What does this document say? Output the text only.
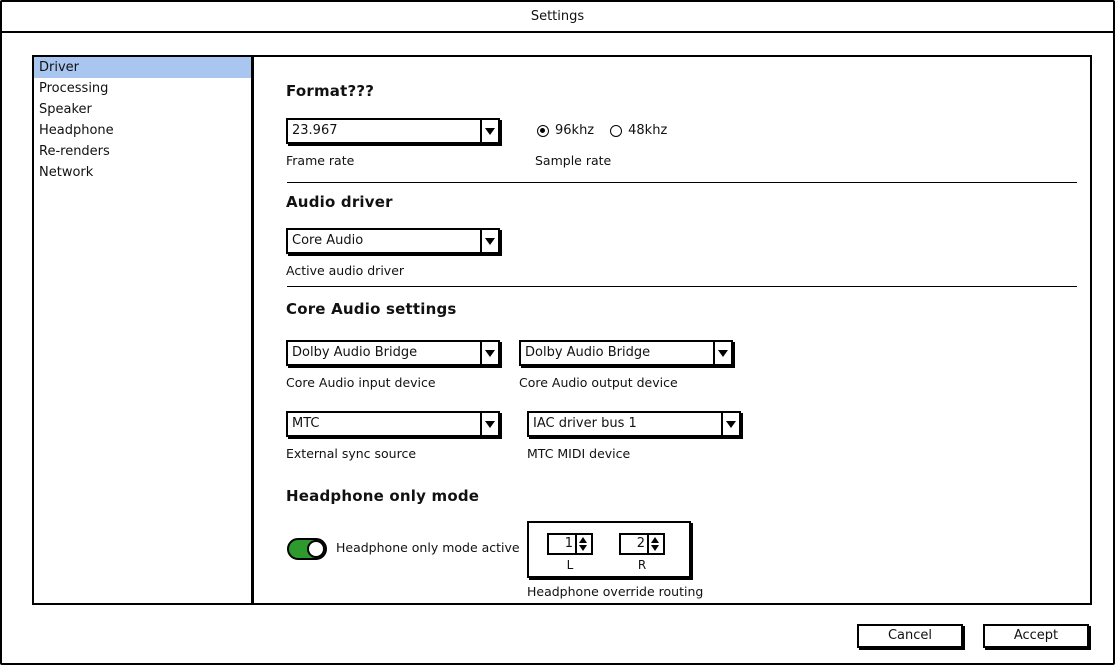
Settings
Driver
Processing
Speaker
Headphone
Re-renders
Network
Format???
23.967
Frame rate
96khz	48khz
Sample rate
Audio driver
Core Audio
Active audio driver
Core Audio settings
Dolby Audio Bridge
Core Audio input device
Dolby Audio Bridge
Core Audio output device
MTC
External sync source
IAC driver bus 1
MTC MIDI device
Headphone only mode
Headphone only mode active	1
L
2
R
Headphone override routing
Cancel	Accept
